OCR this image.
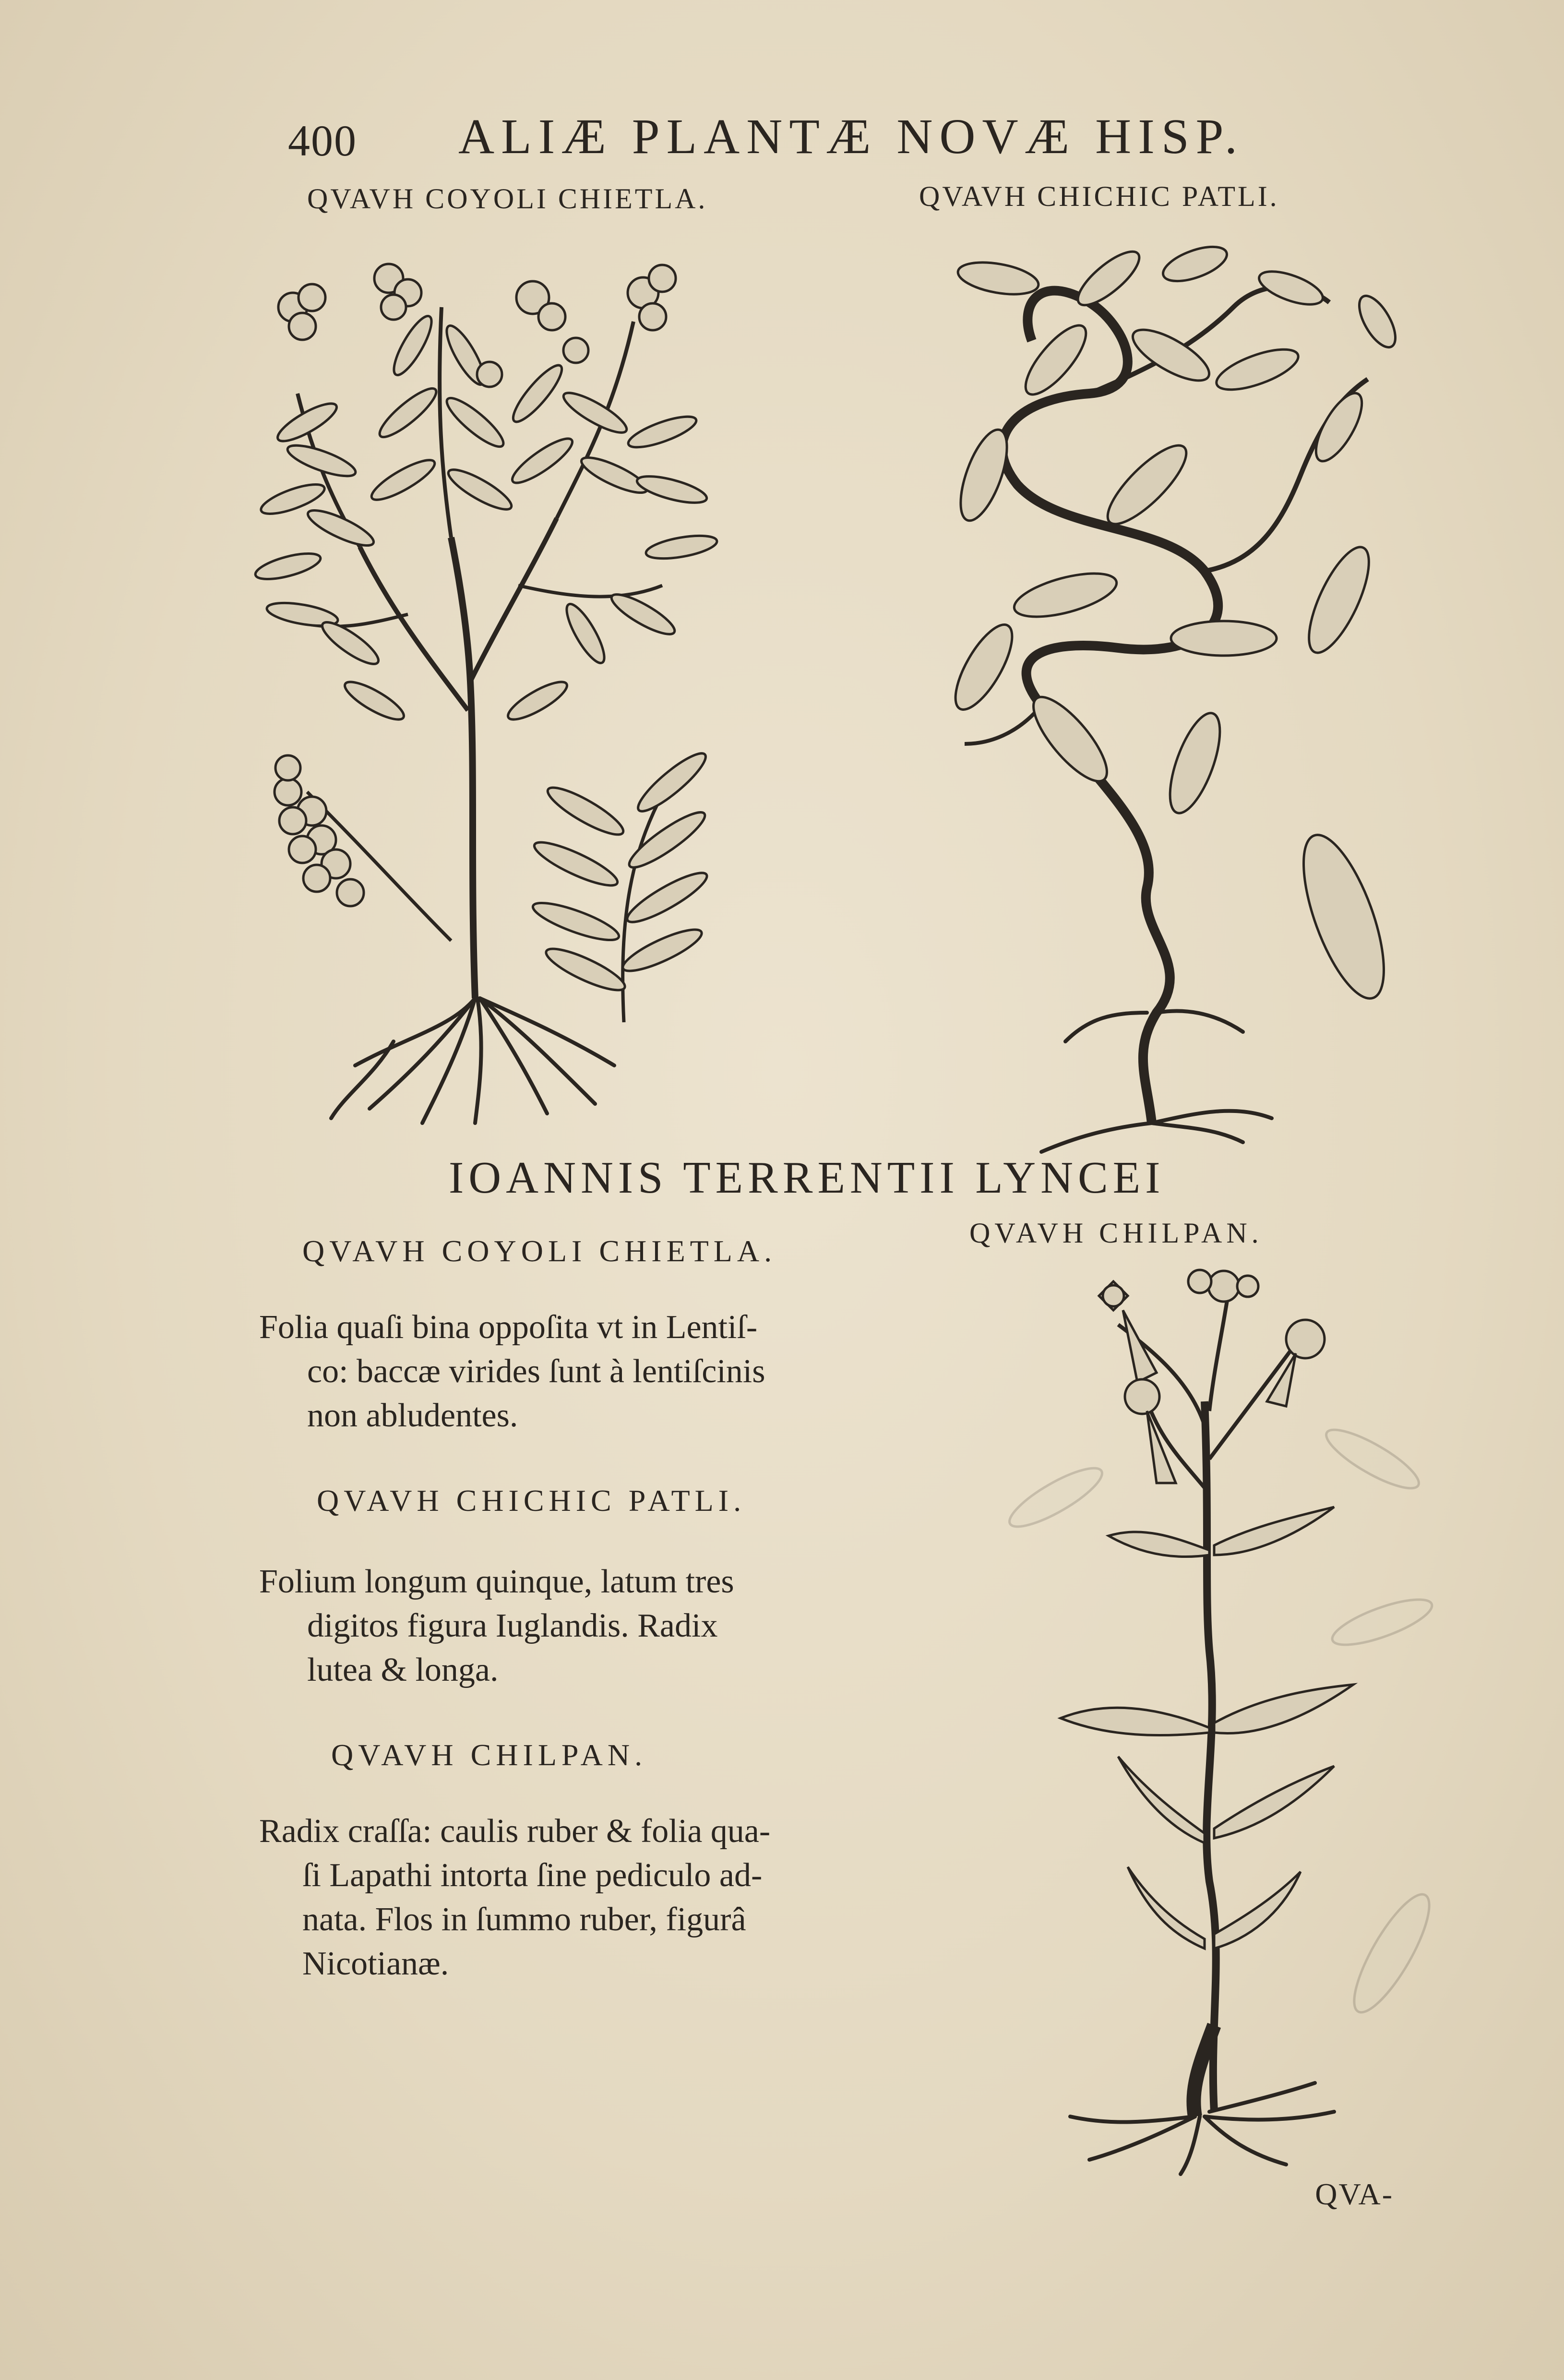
400 ALIÆ PLANTÆ NOVÆ HISP.
QVAVH COYOLI CHIETLA.	QVAVH CHICHIC PATLI.
IOANNIS TERRENTII LYNCEI
QVAVH COYOLI CHIETLA.
Folia quaſi bina oppoſita vt in Lentiſ-
co: baccæ virides ſunt à lentiſcinis
non abludentes.
QVAVH CHICHIC PATLI.
Folium longum quinque, latum tres
digitos figura Iuglandis. Radix
lutea & longa.
QVAVH CHILPAN.
Radix craſſa: caulis ruber & folia qua-
ſi Lapathi intorta ſine pediculo ad-
nata. Flos in ſummo ruber, figurâ
Nicotianæ.
QVAVH CHILPAN.
QVA-
